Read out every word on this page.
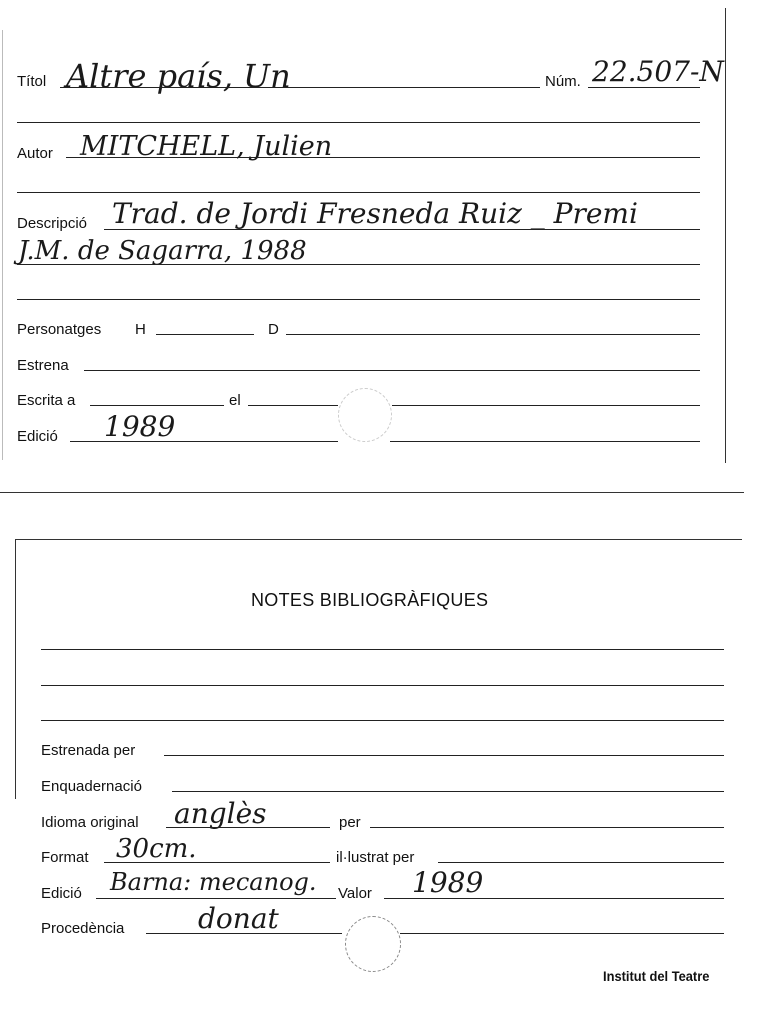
Títol Altre país, Un	Núm. 22.507-N
Autor MITCHELL, Julien
Descripció Trad. de Jordi Fresneda Ruiz _ Premi
J.M. de Sagarra, 1988
Personatges H	D
Estrena
Escrita a	el
Edició 1989
NOTES BIBLIOGRÀFIQUES
Estrenada per
Enquadernació
Idioma original anglès	per
Format 30cm.	il·lustrat per
Edició Barna: mecanog. Valor 1989
Procedència	donat
Institut del Teatre
